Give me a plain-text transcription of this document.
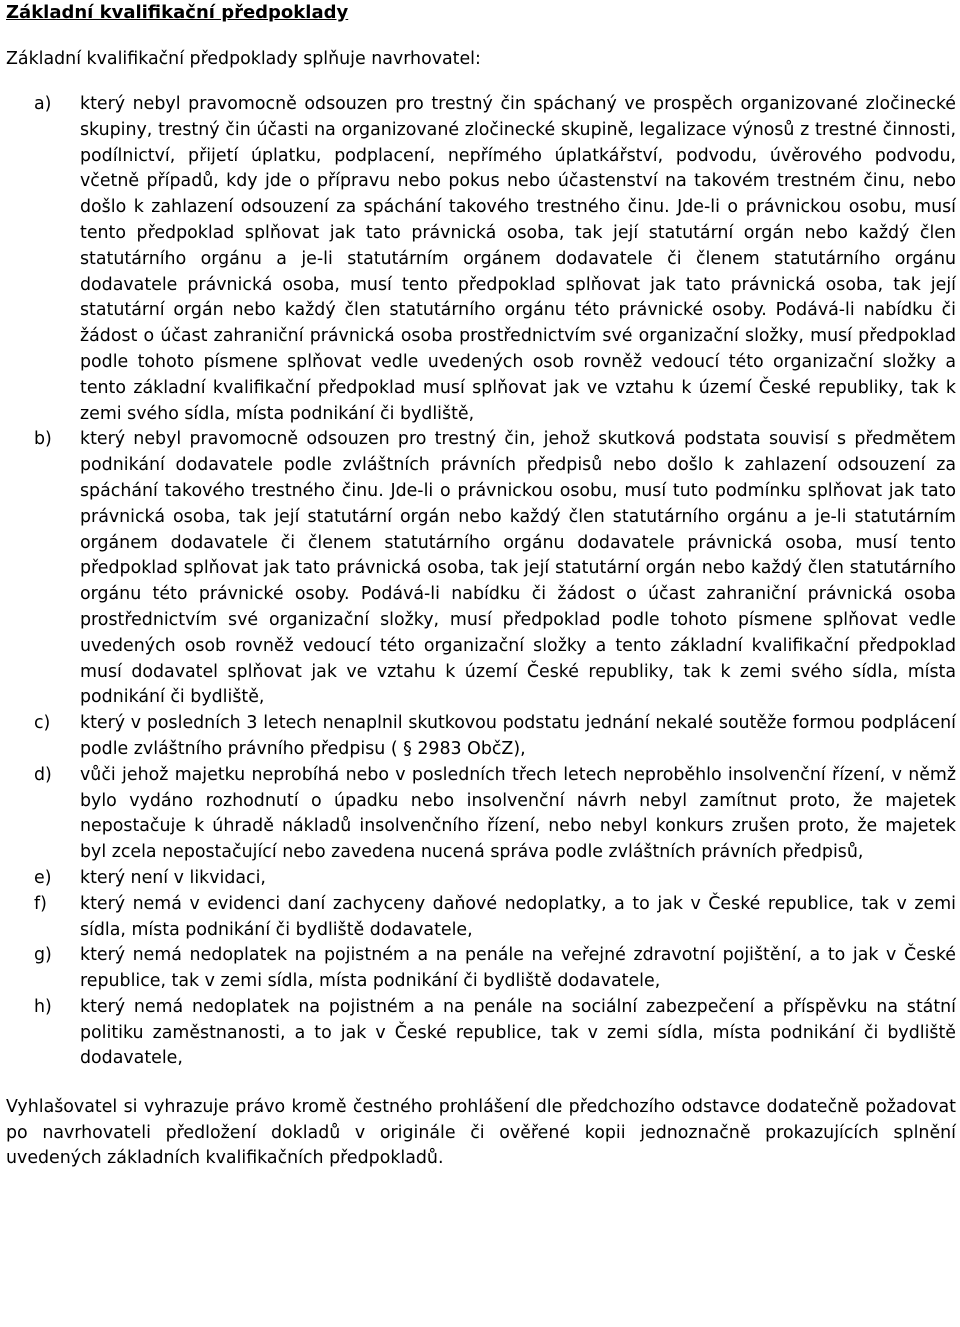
Základní kvalifikační předpoklady

Základní kvalifikační předpoklady splňuje navrhovatel:

a)	který nebyl pravomocně odsouzen pro trestný čin spáchaný ve prospěch organizované zločinecké skupiny, trestný čin účasti na organizované zločinecké skupině, legalizace výnosů z trestné činnosti, podílnictví, přijetí úplatku, podplacení, nepřímého úplatkářství, podvodu, úvěrového podvodu, včetně případů, kdy jde o přípravu nebo pokus nebo účastenství na takovém trestném činu, nebo došlo k zahlazení odsouzení za spáchání takového trestného činu. Jde-li o právnickou osobu, musí tento předpoklad splňovat jak tato právnická osoba, tak její statutární orgán nebo každý člen statutárního orgánu a je-li statutárním orgánem dodavatele či členem statutárního orgánu dodavatele právnická osoba, musí tento předpoklad splňovat jak tato právnická osoba, tak její statutární orgán nebo každý člen statutárního orgánu této právnické osoby. Podává-li nabídku či žádost o účast zahraniční právnická osoba prostřednictvím své organizační složky, musí předpoklad podle tohoto písmene splňovat vedle uvedených osob rovněž vedoucí této organizační složky a tento základní kvalifikační předpoklad musí splňovat jak ve vztahu k území České republiky, tak k zemi svého sídla, místa podnikání či bydliště,
b)	který nebyl pravomocně odsouzen pro trestný čin, jehož skutková podstata souvisí s předmětem podnikání dodavatele podle zvláštních právních předpisů nebo došlo k zahlazení odsouzení za spáchání takového trestného činu. Jde-li o právnickou osobu, musí tuto podmínku splňovat jak tato právnická osoba, tak její statutární orgán nebo každý člen statutárního orgánu a je-li statutárním orgánem dodavatele či členem statutárního orgánu dodavatele právnická osoba, musí tento předpoklad splňovat jak tato právnická osoba, tak její statutární orgán nebo každý člen statutárního orgánu této právnické osoby. Podává-li nabídku či žádost o účast zahraniční právnická osoba prostřednictvím své organizační složky, musí předpoklad podle tohoto písmene splňovat vedle uvedených osob rovněž vedoucí této organizační složky a tento základní kvalifikační předpoklad musí dodavatel splňovat jak ve vztahu k území České republiky, tak k zemi svého sídla, místa podnikání či bydliště,
c)	který v posledních 3 letech nenaplnil skutkovou podstatu jednání nekalé soutěže formou podplácení podle zvláštního právního předpisu ( § 2983 ObčZ),
d)	vůči jehož majetku neprobíhá nebo v posledních třech letech neproběhlo insolvenční řízení, v němž bylo vydáno rozhodnutí o úpadku nebo insolvenční návrh nebyl zamítnut proto, že majetek nepostačuje k úhradě nákladů insolvenčního řízení, nebo nebyl konkurs zrušen proto, že majetek byl zcela nepostačující nebo zavedena nucená správa podle zvláštních právních předpisů,
e)	který není v likvidaci,
f)	který nemá v evidenci daní zachyceny daňové nedoplatky, a to jak v České republice, tak v zemi sídla, místa podnikání či bydliště dodavatele,
g)	který nemá nedoplatek na pojistném a na penále na veřejné zdravotní pojištění, a to jak v České republice, tak v zemi sídla, místa podnikání či bydliště dodavatele,
h)	který nemá nedoplatek na pojistném a na penále na sociální zabezpečení a příspěvku na státní politiku zaměstnanosti, a to jak v České republice, tak v zemi sídla, místa podnikání či bydliště dodavatele,

Vyhlašovatel si vyhrazuje právo kromě čestného prohlášení dle předchozího odstavce dodatečně požadovat po navrhovateli předložení dokladů v originále či ověřené kopii jednoznačně prokazujících splnění uvedených základních kvalifikačních předpokladů.
